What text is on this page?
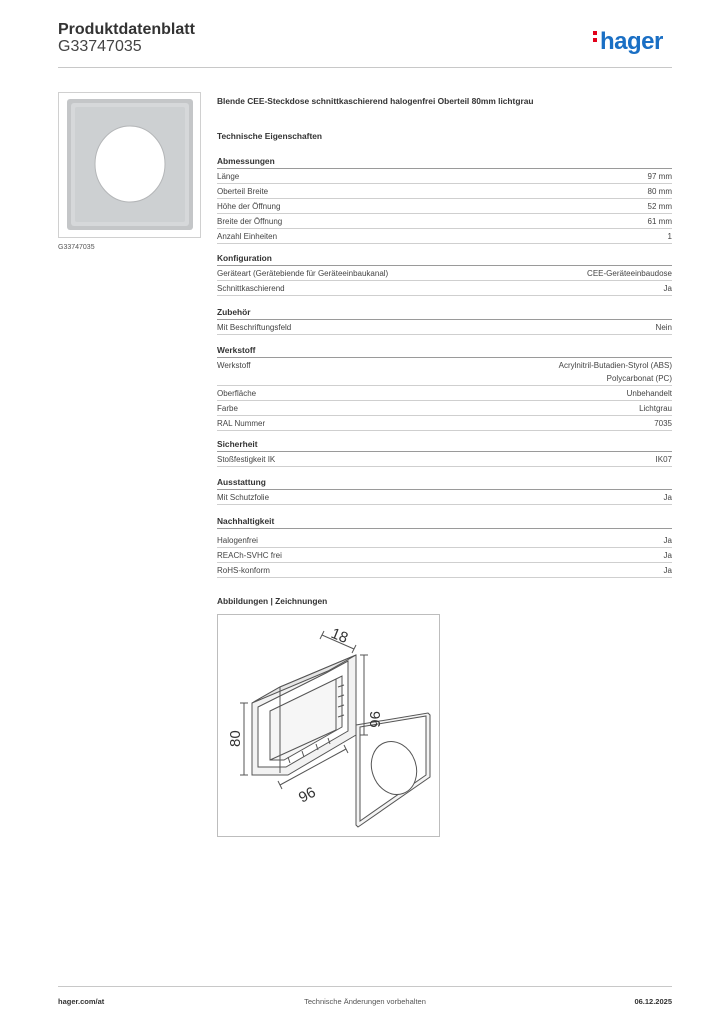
Produktdatenblatt
G33747035	hager
G33747035
Blende CEE-Steckdose schnittkaschierend halogenfrei Oberteil 80mm lichtgrau
Technische Eigenschaften
Abmessungen
Länge	97 mm
Oberteil Breite	80 mm
Höhe der Öffnung	52 mm
Breite der Öffnung	61 mm
Anzahl Einheiten	1
Konfiguration
Geräteart (Gerätebiende für Geräteeinbaukanal)	CEE-Geräteeinbaudose
Schnittkaschierend	Ja
Zubehör
Mit Beschriftungsfeld	Nein
Werkstoff
Werkstoff	Acrylnitril-Butadien-Styrol (ABS)
Polycarbonat (PC)
Oberfläche	Unbehandelt
Farbe	Lichtgrau
RAL Nummer	7035
Sicherheit
Stoßfestigkeit IK	IK07
Ausstattung
Mit Schutzfolie	Ja
Nachhaltigkeit
Halogenfrei	Ja
REACh-SVHC frei	Ja
RoHS-konform	Ja
Abbildungen | Zeichnungen
18
96
80
96
hager.com/at	Technische Änderungen vorbehalten	06.12.2025
